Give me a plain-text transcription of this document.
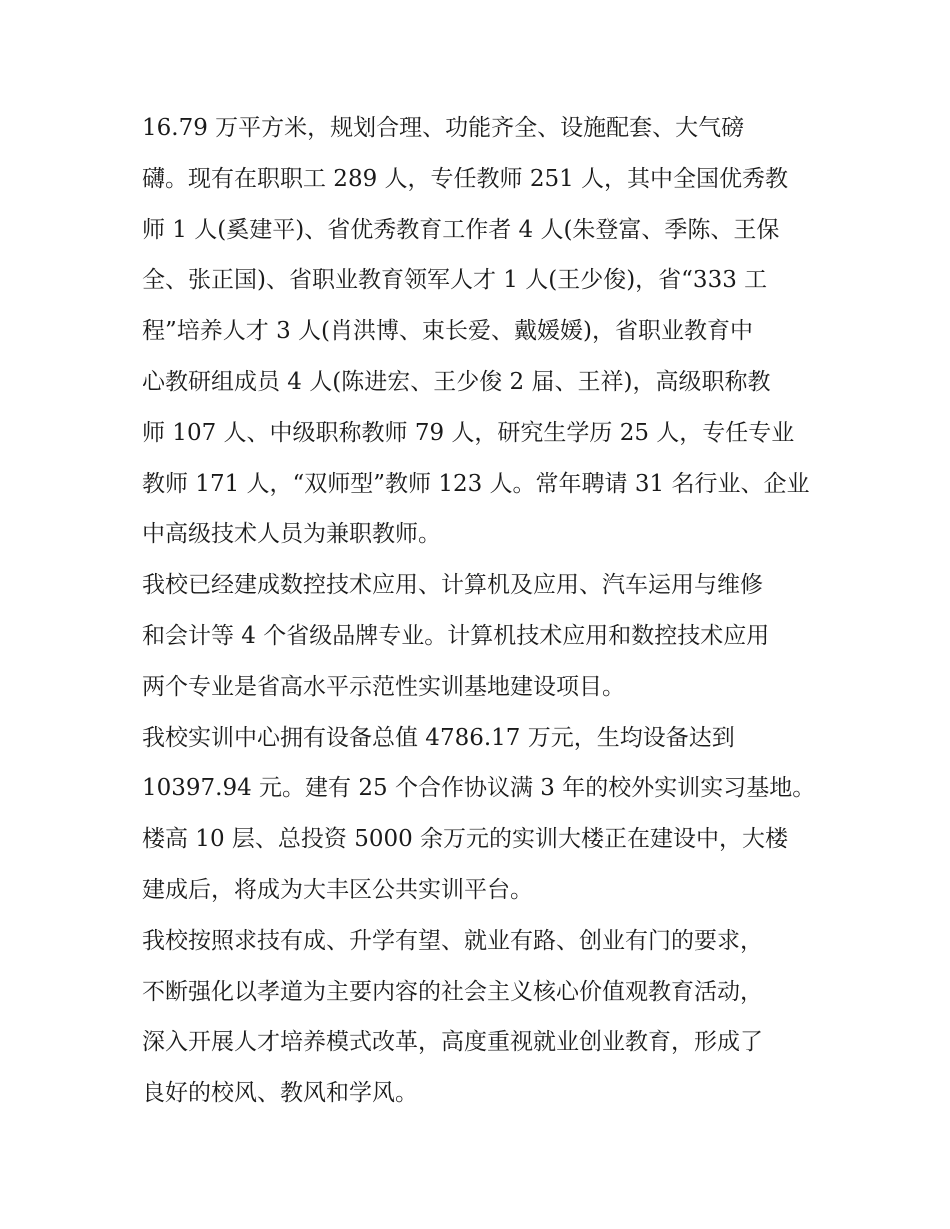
16.79 万平方米，规划合理、功能齐全、设施配套、大气磅
礴。现有在职职工 289 人，专任教师 251 人，其中全国优秀教
师 1 人(奚建平)、省优秀教育工作者 4 人(朱登富、季陈、王保
全、张正国)、省职业教育领军人才 1 人(王少俊)，省“333 工
程”培养人才 3 人(肖洪博、束长爱、戴媛媛)，省职业教育中
心教研组成员 4 人(陈进宏、王少俊 2 届、王祥)，高级职称教
师 107 人、中级职称教师 79 人，研究生学历 25 人，专任专业
教师 171 人，“双师型”教师 123 人。常年聘请 31 名行业、企业
中高级技术人员为兼职教师。
我校已经建成数控技术应用、计算机及应用、汽车运用与维修
和会计等 4 个省级品牌专业。计算机技术应用和数控技术应用
两个专业是省高水平示范性实训基地建设项目。
我校实训中心拥有设备总值 4786.17 万元，生均设备达到
10397.94 元。建有 25 个合作协议满 3 年的校外实训实习基地。
楼高 10 层、总投资 5000 余万元的实训大楼正在建设中，大楼
建成后，将成为大丰区公共实训平台。
我校按照求技有成、升学有望、就业有路、创业有门的要求，
不断强化以孝道为主要内容的社会主义核心价值观教育活动，
深入开展人才培养模式改革，高度重视就业创业教育，形成了
良好的校风、教风和学风。
